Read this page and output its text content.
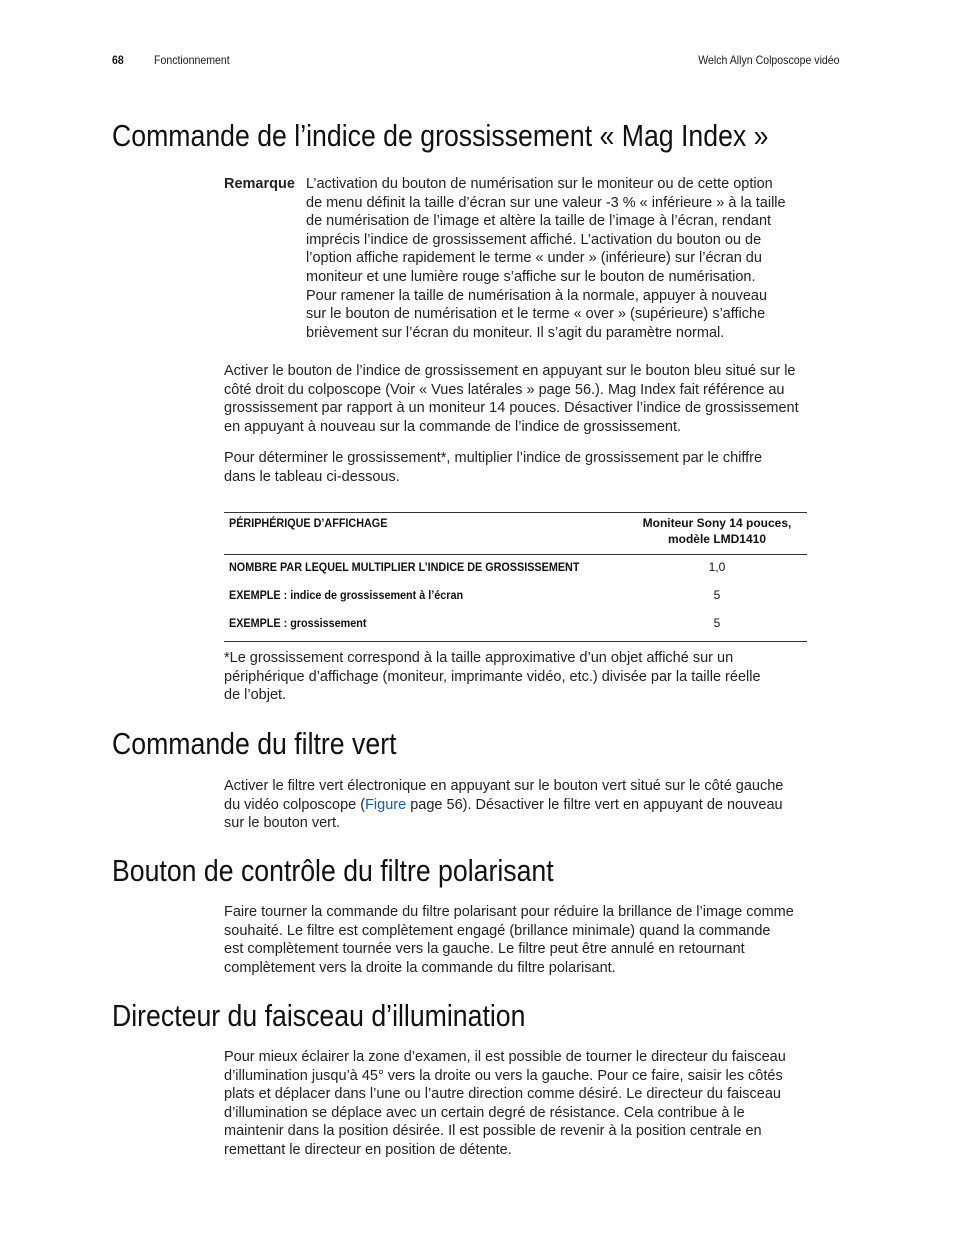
68	Fonctionnement	Welch Allyn Colposcope vidéo
Commande de l’indice de grossissement « Mag Index »
Remarque L’activation du bouton de numérisation sur le moniteur ou de cette option
de menu définit la taille d’écran sur une valeur -3 % « inférieure » à la taille
de numérisation de l’image et altère la taille de l’image à l’écran, rendant
imprécis l’indice de grossissement affiché. L’activation du bouton ou de
l’option affiche rapidement le terme « under » (inférieure) sur l’écran du
moniteur et une lumière rouge s’affiche sur le bouton de numérisation.
Pour ramener la taille de numérisation à la normale, appuyer à nouveau
sur le bouton de numérisation et le terme « over » (supérieure) s’affiche
brièvement sur l’écran du moniteur. Il s’agit du paramètre normal.
Activer le bouton de l’indice de grossissement en appuyant sur le bouton bleu situé sur le
côté droit du colposcope (Voir « Vues latérales » page 56.). Mag Index fait référence au
grossissement par rapport à un moniteur 14 pouces. Désactiver l’indice de grossissement
en appuyant à nouveau sur la commande de l’indice de grossissement.
Pour déterminer le grossissement*, multiplier l’indice de grossissement par le chiffre
dans le tableau ci-dessous.
PÉRIPHÉRIQUE D’AFFICHAGE	Moniteur Sony 14 pouces,
modèle LMD1410

NOMBRE PAR LEQUEL MULTIPLIER L’INDICE DE GROSSISSEMENT	1,0
EXEMPLE : indice de grossissement à l’écran	5
EXEMPLE : grossissement	5
*Le grossissement correspond à la taille approximative d’un objet affiché sur un
périphérique d’affichage (moniteur, imprimante vidéo, etc.) divisée par la taille réelle
de l’objet.
Commande du filtre vert
Activer le filtre vert électronique en appuyant sur le bouton vert situé sur le côté gauche
du vidéo colposcope (Figure page 56). Désactiver le filtre vert en appuyant de nouveau
sur le bouton vert.
Bouton de contrôle du filtre polarisant
Faire tourner la commande du filtre polarisant pour réduire la brillance de l’image comme
souhaité. Le filtre est complètement engagé (brillance minimale) quand la commande
est complètement tournée vers la gauche. Le filtre peut être annulé en retournant
complètement vers la droite la commande du filtre polarisant.
Directeur du faisceau d’illumination
Pour mieux éclairer la zone d’examen, il est possible de tourner le directeur du faisceau
d’illumination jusqu’à 45° vers la droite ou vers la gauche. Pour ce faire, saisir les côtés
plats et déplacer dans l’une ou l’autre direction comme désiré. Le directeur du faisceau
d’illumination se déplace avec un certain degré de résistance. Cela contribue à le
maintenir dans la position désirée. Il est possible de revenir à la position centrale en
remettant le directeur en position de détente.
